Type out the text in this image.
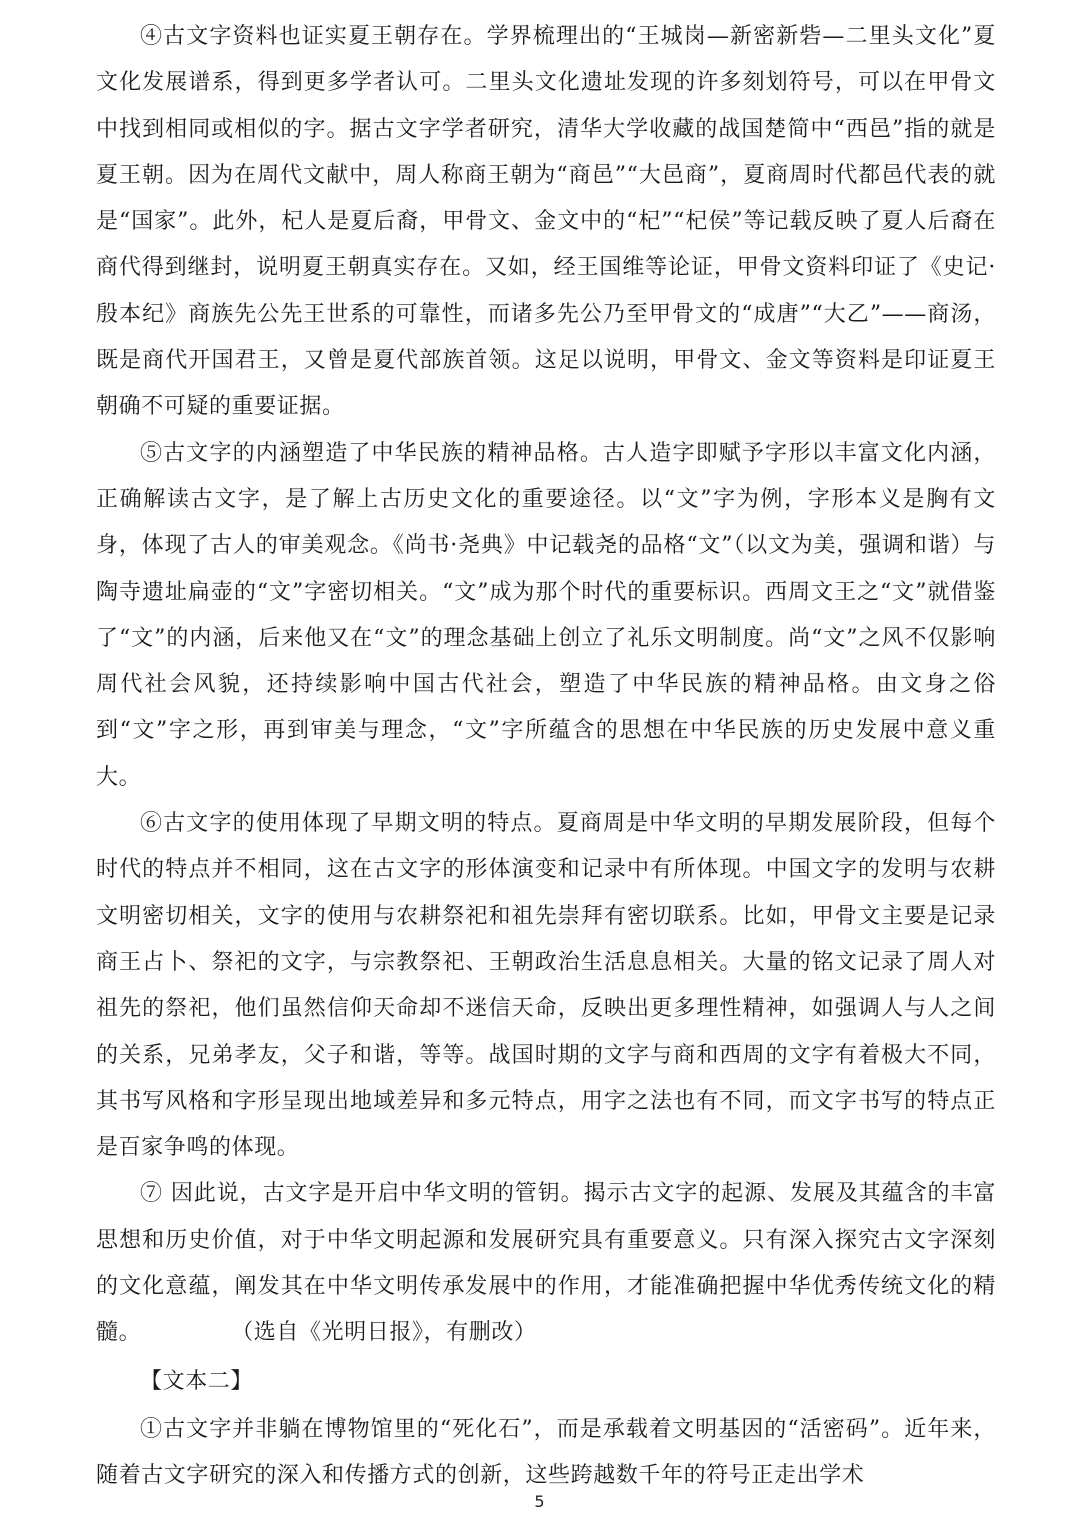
④古文字资料也证实夏王朝存在。学界梳理出的“王城岗—新密新砦—二里头文化”夏文化发展谱系，得到更多学者认可。二里头文化遗址发现的许多刻划符号，可以在甲骨文中找到相同或相似的字。据古文字学者研究，清华大学收藏的战国楚简中“西邑”指的就是夏王朝。因为在周代文献中，周人称商王朝为“商邑”“大邑商”，夏商周时代都邑代表的就是“国家”。此外，杞人是夏后裔，甲骨文、金文中的“杞”“杞侯”等记载反映了夏人后裔在商代得到继封，说明夏王朝真实存在。又如，经王国维等论证，甲骨文资料印证了《史记·殷本纪》商族先公先王世系的可靠性，而诸多先公乃至甲骨文的“成唐”“大乙”——商汤，既是商代开国君王，又曾是夏代部族首领。这足以说明，甲骨文、金文等资料是印证夏王朝确不可疑的重要证据。

⑤古文字的内涵塑造了中华民族的精神品格。古人造字即赋予字形以丰富文化内涵，正确解读古文字，是了解上古历史文化的重要途径。以“文”字为例，字形本义是胸有文身，体现了古人的审美观念。《尚书·尧典》中记载尧的品格“文”（以文为美，强调和谐）与陶寺遗址扁壶的“文”字密切相关。“文”成为那个时代的重要标识。西周文王之“文”就借鉴了“文”的内涵，后来他又在“文”的理念基础上创立了礼乐文明制度。尚“文”之风不仅影响周代社会风貌，还持续影响中国古代社会，塑造了中华民族的精神品格。由文身之俗到“文”字之形，再到审美与理念，“文”字所蕴含的思想在中华民族的历史发展中意义重大。

⑥古文字的使用体现了早期文明的特点。夏商周是中华文明的早期发展阶段，但每个时代的特点并不相同，这在古文字的形体演变和记录中有所体现。中国文字的发明与农耕文明密切相关，文字的使用与农耕祭祀和祖先崇拜有密切联系。比如，甲骨文主要是记录商王占卜、祭祀的文字，与宗教祭祀、王朝政治生活息息相关。大量的铭文记录了周人对祖先的祭祀，他们虽然信仰天命却不迷信天命，反映出更多理性精神，如强调人与人之间的关系，兄弟孝友，父子和谐，等等。战国时期的文字与商和西周的文字有着极大不同，其书写风格和字形呈现出地域差异和多元特点，用字之法也有不同，而文字书写的特点正是百家争鸣的体现。

⑦ 因此说，古文字是开启中华文明的管钥。揭示古文字的起源、发展及其蕴含的丰富思想和历史价值，对于中华文明起源和发展研究具有重要意义。只有深入探究古文字深刻的文化意蕴，阐发其在中华文明传承发展中的作用，才能准确把握中华优秀传统文化的精髓。	（选自《光明日报》，有删改）

【文本二】

①古文字并非躺在博物馆里的“死化石”，而是承载着文明基因的“活密码”。近年来，随着古文字研究的深入和传播方式的创新，这些跨越数千年的符号正走出学术

5
